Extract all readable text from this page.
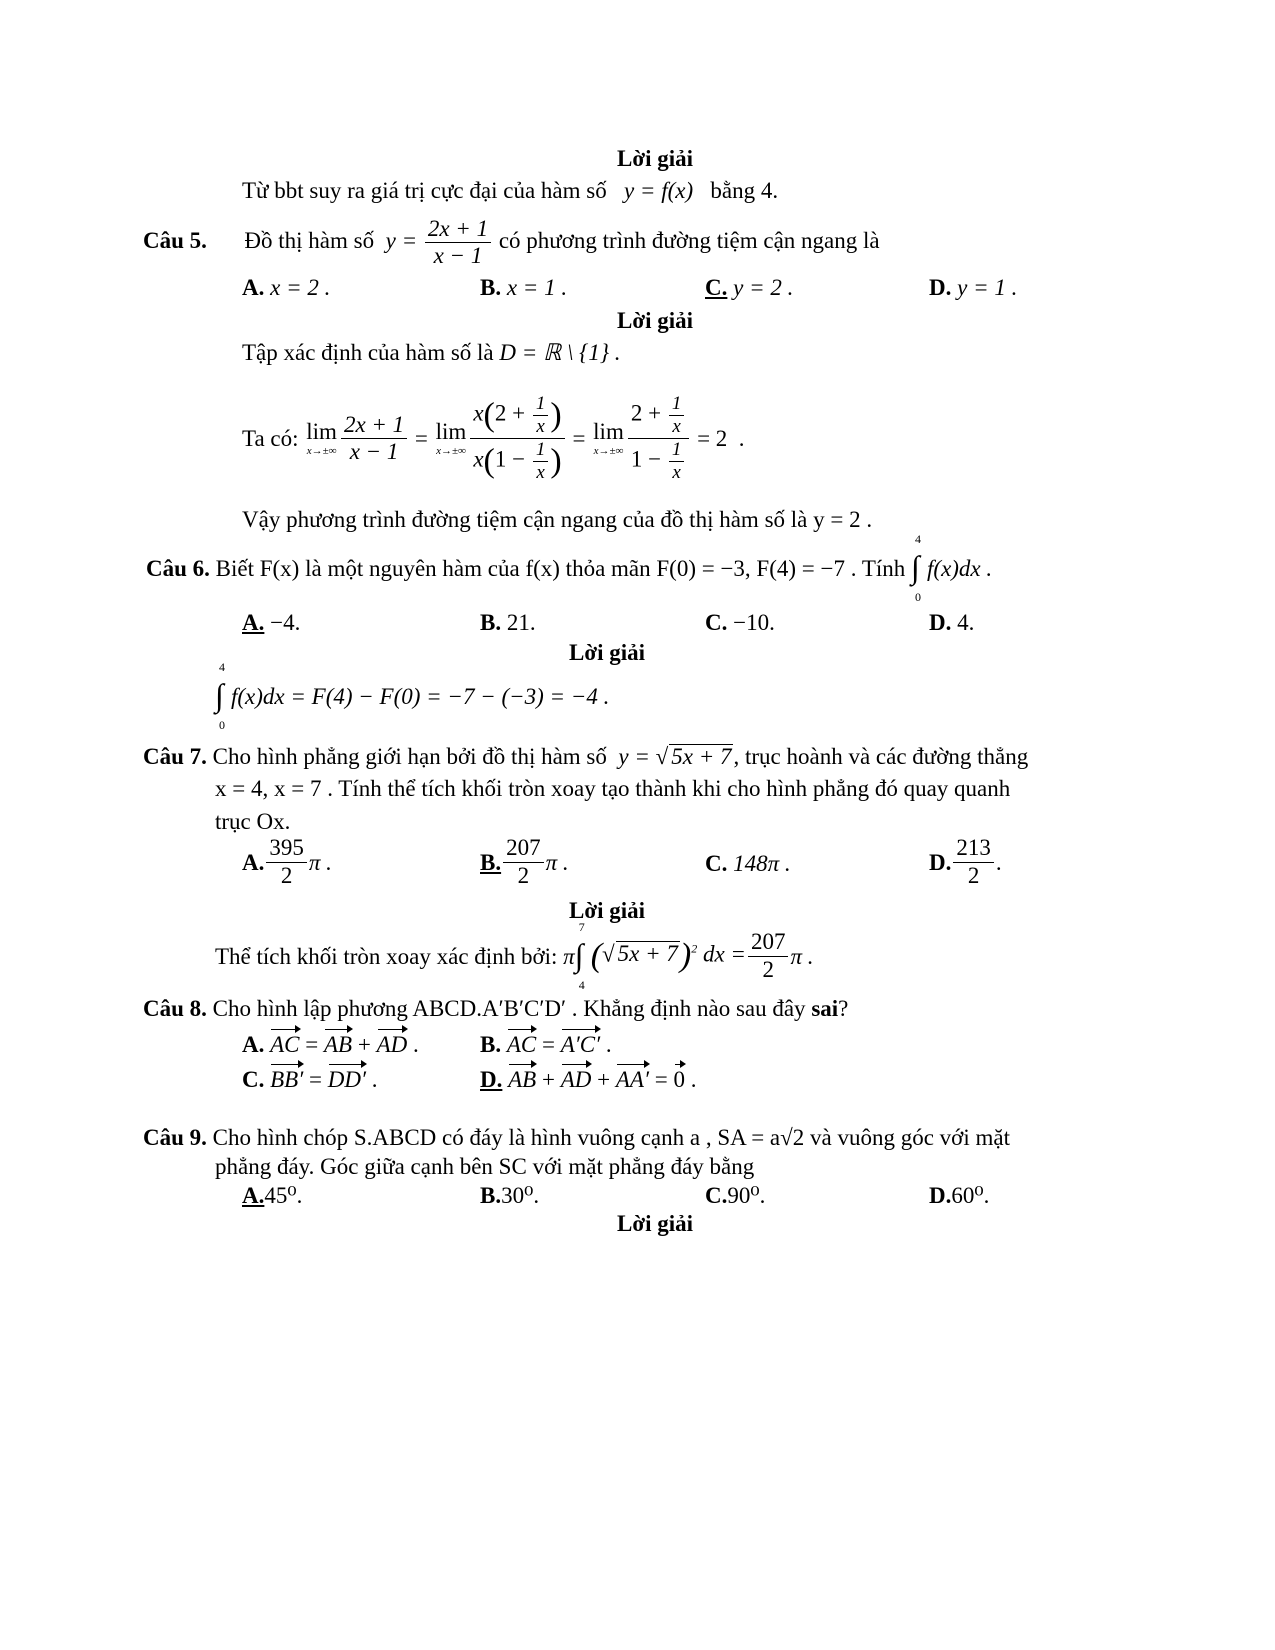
Lời giải
Từ bbt suy ra giá trị cực đại của hàm số   y = f(x)   bằng 4.
Câu 5. Đồ thị hàm số  $y = \frac{2x + 1}{x - 1}$ có phương trình đường tiệm cận ngang là
A. x = 2 .	B. x = 1 .	C. y = 2 .	D. y = 1 .
Lời giải
Tập xác định của hàm số là D = ℝ \ {1} .
Ta có:
lim
$x\to\pm\infty \frac{2x + 1}{x - 1} = \lim$
$x\to\pm\infty \frac{x(2 + \frac{1}{x} )}{x(1 - \frac{1}{x} )} = \lim$
$x\to\pm\infty \frac{2 + \frac{1}{x}}{1 - \frac{1}{x}} = 2$  .
Vậy phương trình đường tiệm cận ngang của đồ thị hàm số là y = 2 .
Câu 6.
Biết F(x) là một nguyên hàm của f(x) thỏa mãn F(0) = −3, F(4) = −7 . Tính

4
∫
0
f(x)dx .
A. −4.	B. 21.	C. −10.	D. 4.
Lời giải
4
∫
0
f(x)dx = F(4) − F(0) = −7 − (−3) = −4 .
Câu 7. Cho hình phẳng giới hạn bởi đồ thị hàm số  y = √ 5x + 7, trục hoành và các đường thẳng
x = 4, x = 7 . Tính thể tích khối tròn xoay tạo thành khi cho hình phẳng đó quay quanh
trục Ox.
A. $\frac{395}{2}$ π .	B. $\frac{207}{2}$ π .	C. 148π .	D. $\frac{213}{2}$ .
Lời giải
Thể tích khối tròn xoay xác định bởi:
π
7
∫
4
(√ 5x + 7)$^2$ dx = $\frac{207}{2}$ π .
Câu 8. Cho hình lập phương ABCD.A′B′C′D′ . Khẳng định nào sau đây sai?
A. AC = AB + AD .	B. AC = A′C′ .
C. BB′ = DD′ .	D. AB + AD + AA′ = 0 .
Câu 9. Cho hình chóp S.ABCD có đáy là hình vuông cạnh a , SA = a√2 và vuông góc với mặt
phẳng đáy. Góc giữa cạnh bên SC với mặt phẳng đáy bằng
A.45⁰.	B.30⁰.	C.90⁰.	D.60⁰.
Lời giải
